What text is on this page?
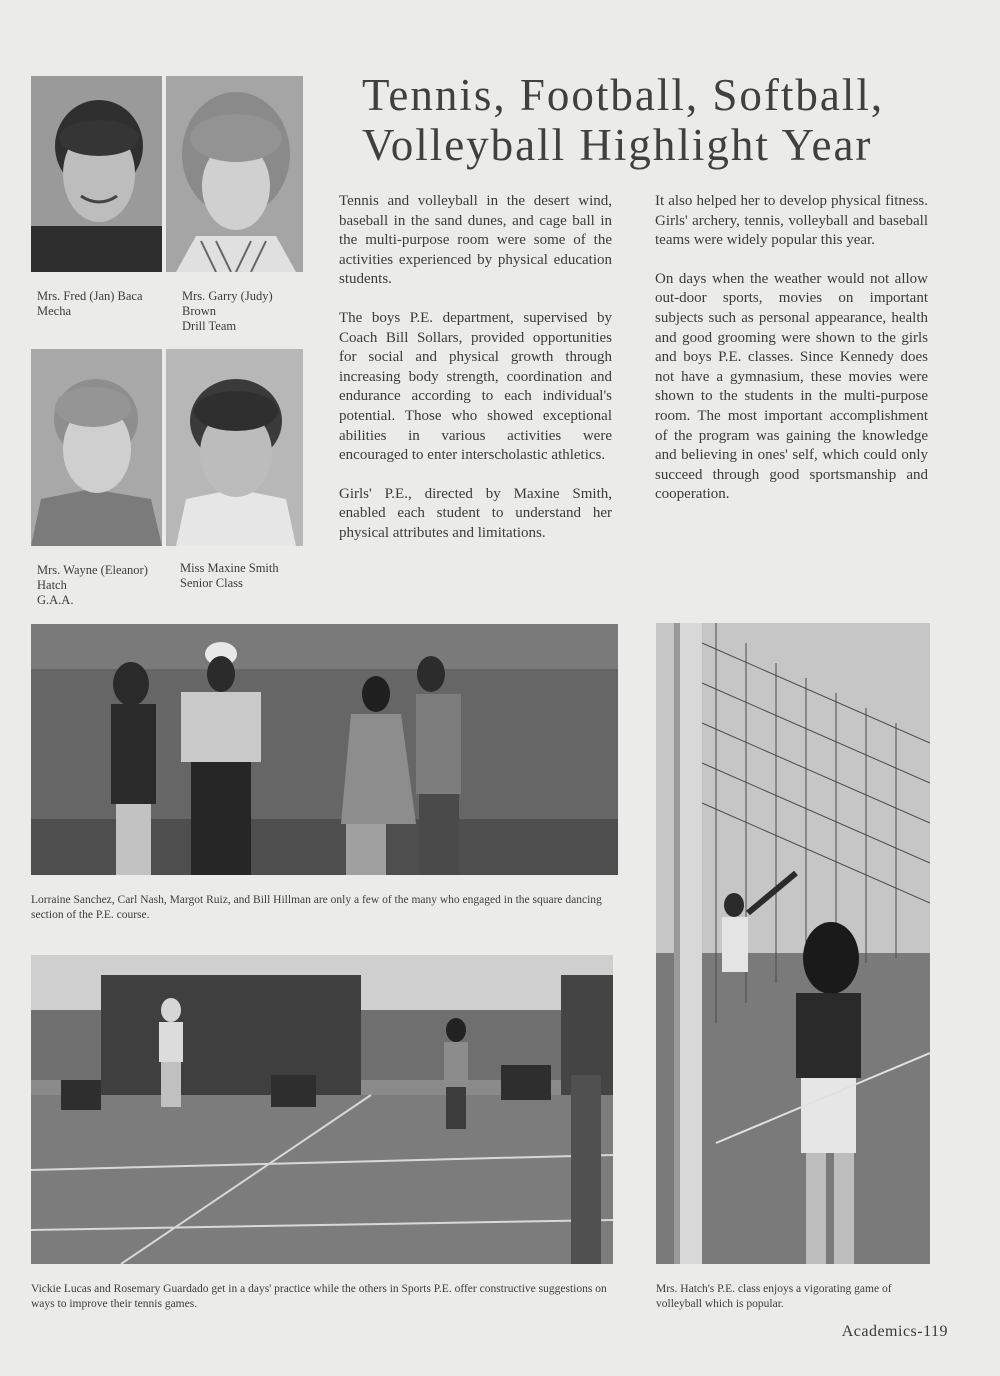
Mrs. Fred (Jan) Baca
Mecha
Mrs. Garry (Judy)
Brown
Drill Team
Mrs. Wayne (Eleanor)
Hatch
G.A.A.
Miss Maxine Smith
Senior Class
Tennis, Football, Softball,
Volleyball Highlight Year

Tennis and volleyball in the desert wind, baseball in the sand dunes, and cage ball in the multi-purpose room were some of the activities experienced by physical education students.

The boys P.E. department, supervised by Coach Bill Sollars, provided opportunities for social and physical growth through increasing body strength, coordination and endurance according to each individual's potential. Those who showed exceptional abilities in various activities were encouraged to enter interscholastic athletics.

Girls' P.E., directed by Maxine Smith, enabled each student to understand her physical attributes and limitations.

It also helped her to develop physical fitness. Girls' archery, tennis, volleyball and baseball teams were widely popular this year.

On days when the weather would not allow out-door sports, movies on important subjects such as personal appearance, health and good grooming were shown to the girls and boys P.E. classes. Since Kennedy does not have a gymnasium, these movies were shown to the students in the multi-purpose room. The most important accomplishment of the program was gaining the knowledge and believing in ones' self, which could only succeed through good sportsmanship and cooperation.

Lorraine Sanchez, Carl Nash, Margot Ruiz, and Bill Hillman are only a few of the many who engaged in the square dancing section of the P.E. course.
Vickie Lucas and Rosemary Guardado get in a days' practice while the others in Sports P.E. offer constructive suggestions on ways to improve their tennis games.
Mrs. Hatch's P.E. class enjoys a vigorating game of volleyball which is popular.
Academics-119
